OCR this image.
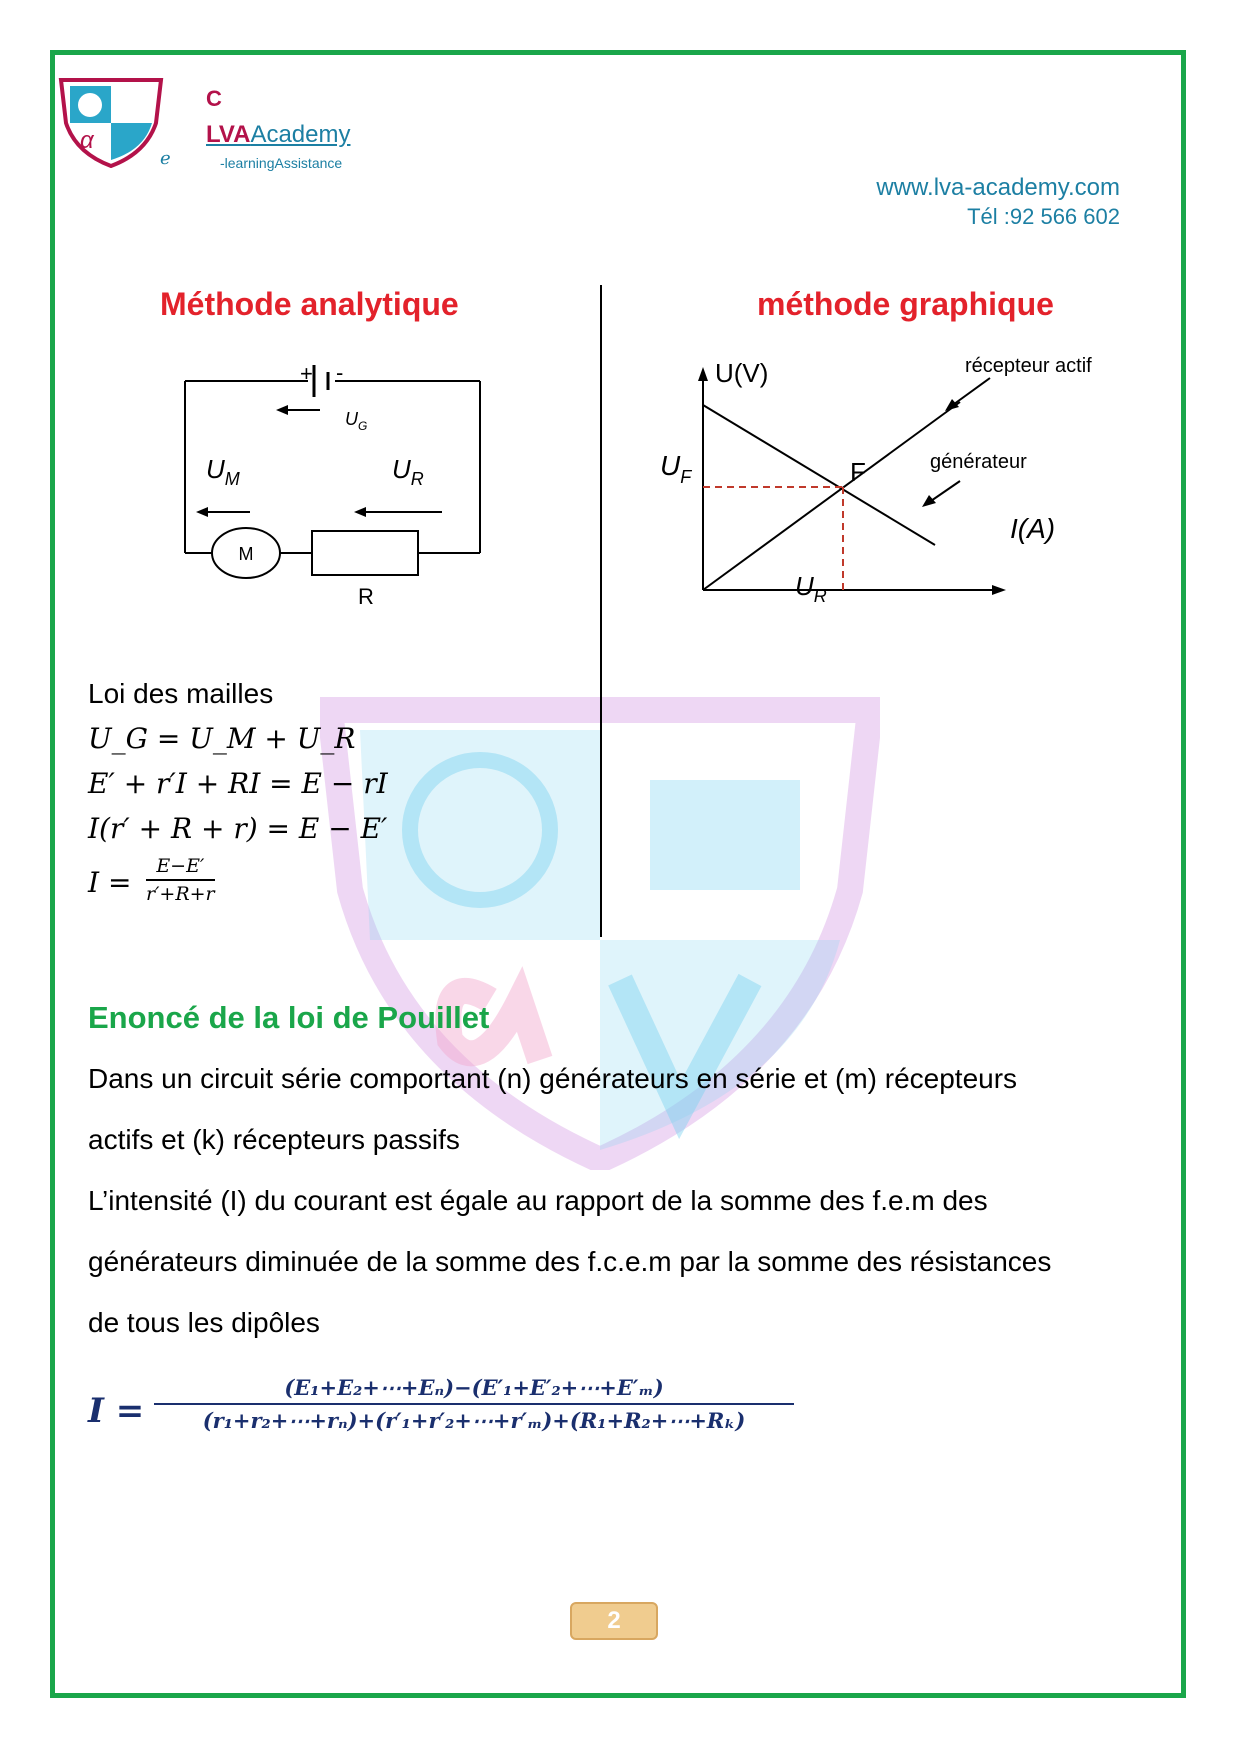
α
C
LVAAcademy
e	-learningAssistance
www.lva-academy.com
Tél :92 566 602
Méthode analytique	méthode graphique
+ -
$U_G$
$U_M$	$U_R$
M
R
Loi des mailles
U_G = U_M + U_R
E′ + r′I + RI = E − rI
I(r′ + R + r) = E − E′
$I = \frac{E-E'}{r'+R+r}$
U(V)
I(A)
F
$U_F$
$U_R$
récepteur actif
générateur
Enoncé de la loi de Pouillet
Dans un circuit série comportant (n) générateurs en série et (m) récepteurs
actifs et (k) récepteurs passifs
L’intensité (I) du courant est égale au rapport de la somme des f.e.m des
générateurs diminuée de la somme des f.c.e.m par la somme des résistances
de tous les dipôles
$I = \frac{\text{(E₁+E₂+⋯+Eₙ)−(E′₁+E′₂+⋯+E′ₘ)}}{\text{(r₁+r₂+⋯+rₙ)+(r′₁+r′₂+⋯+r′ₘ)+(R₁+R₂+⋯+Rₖ)}}$
2
